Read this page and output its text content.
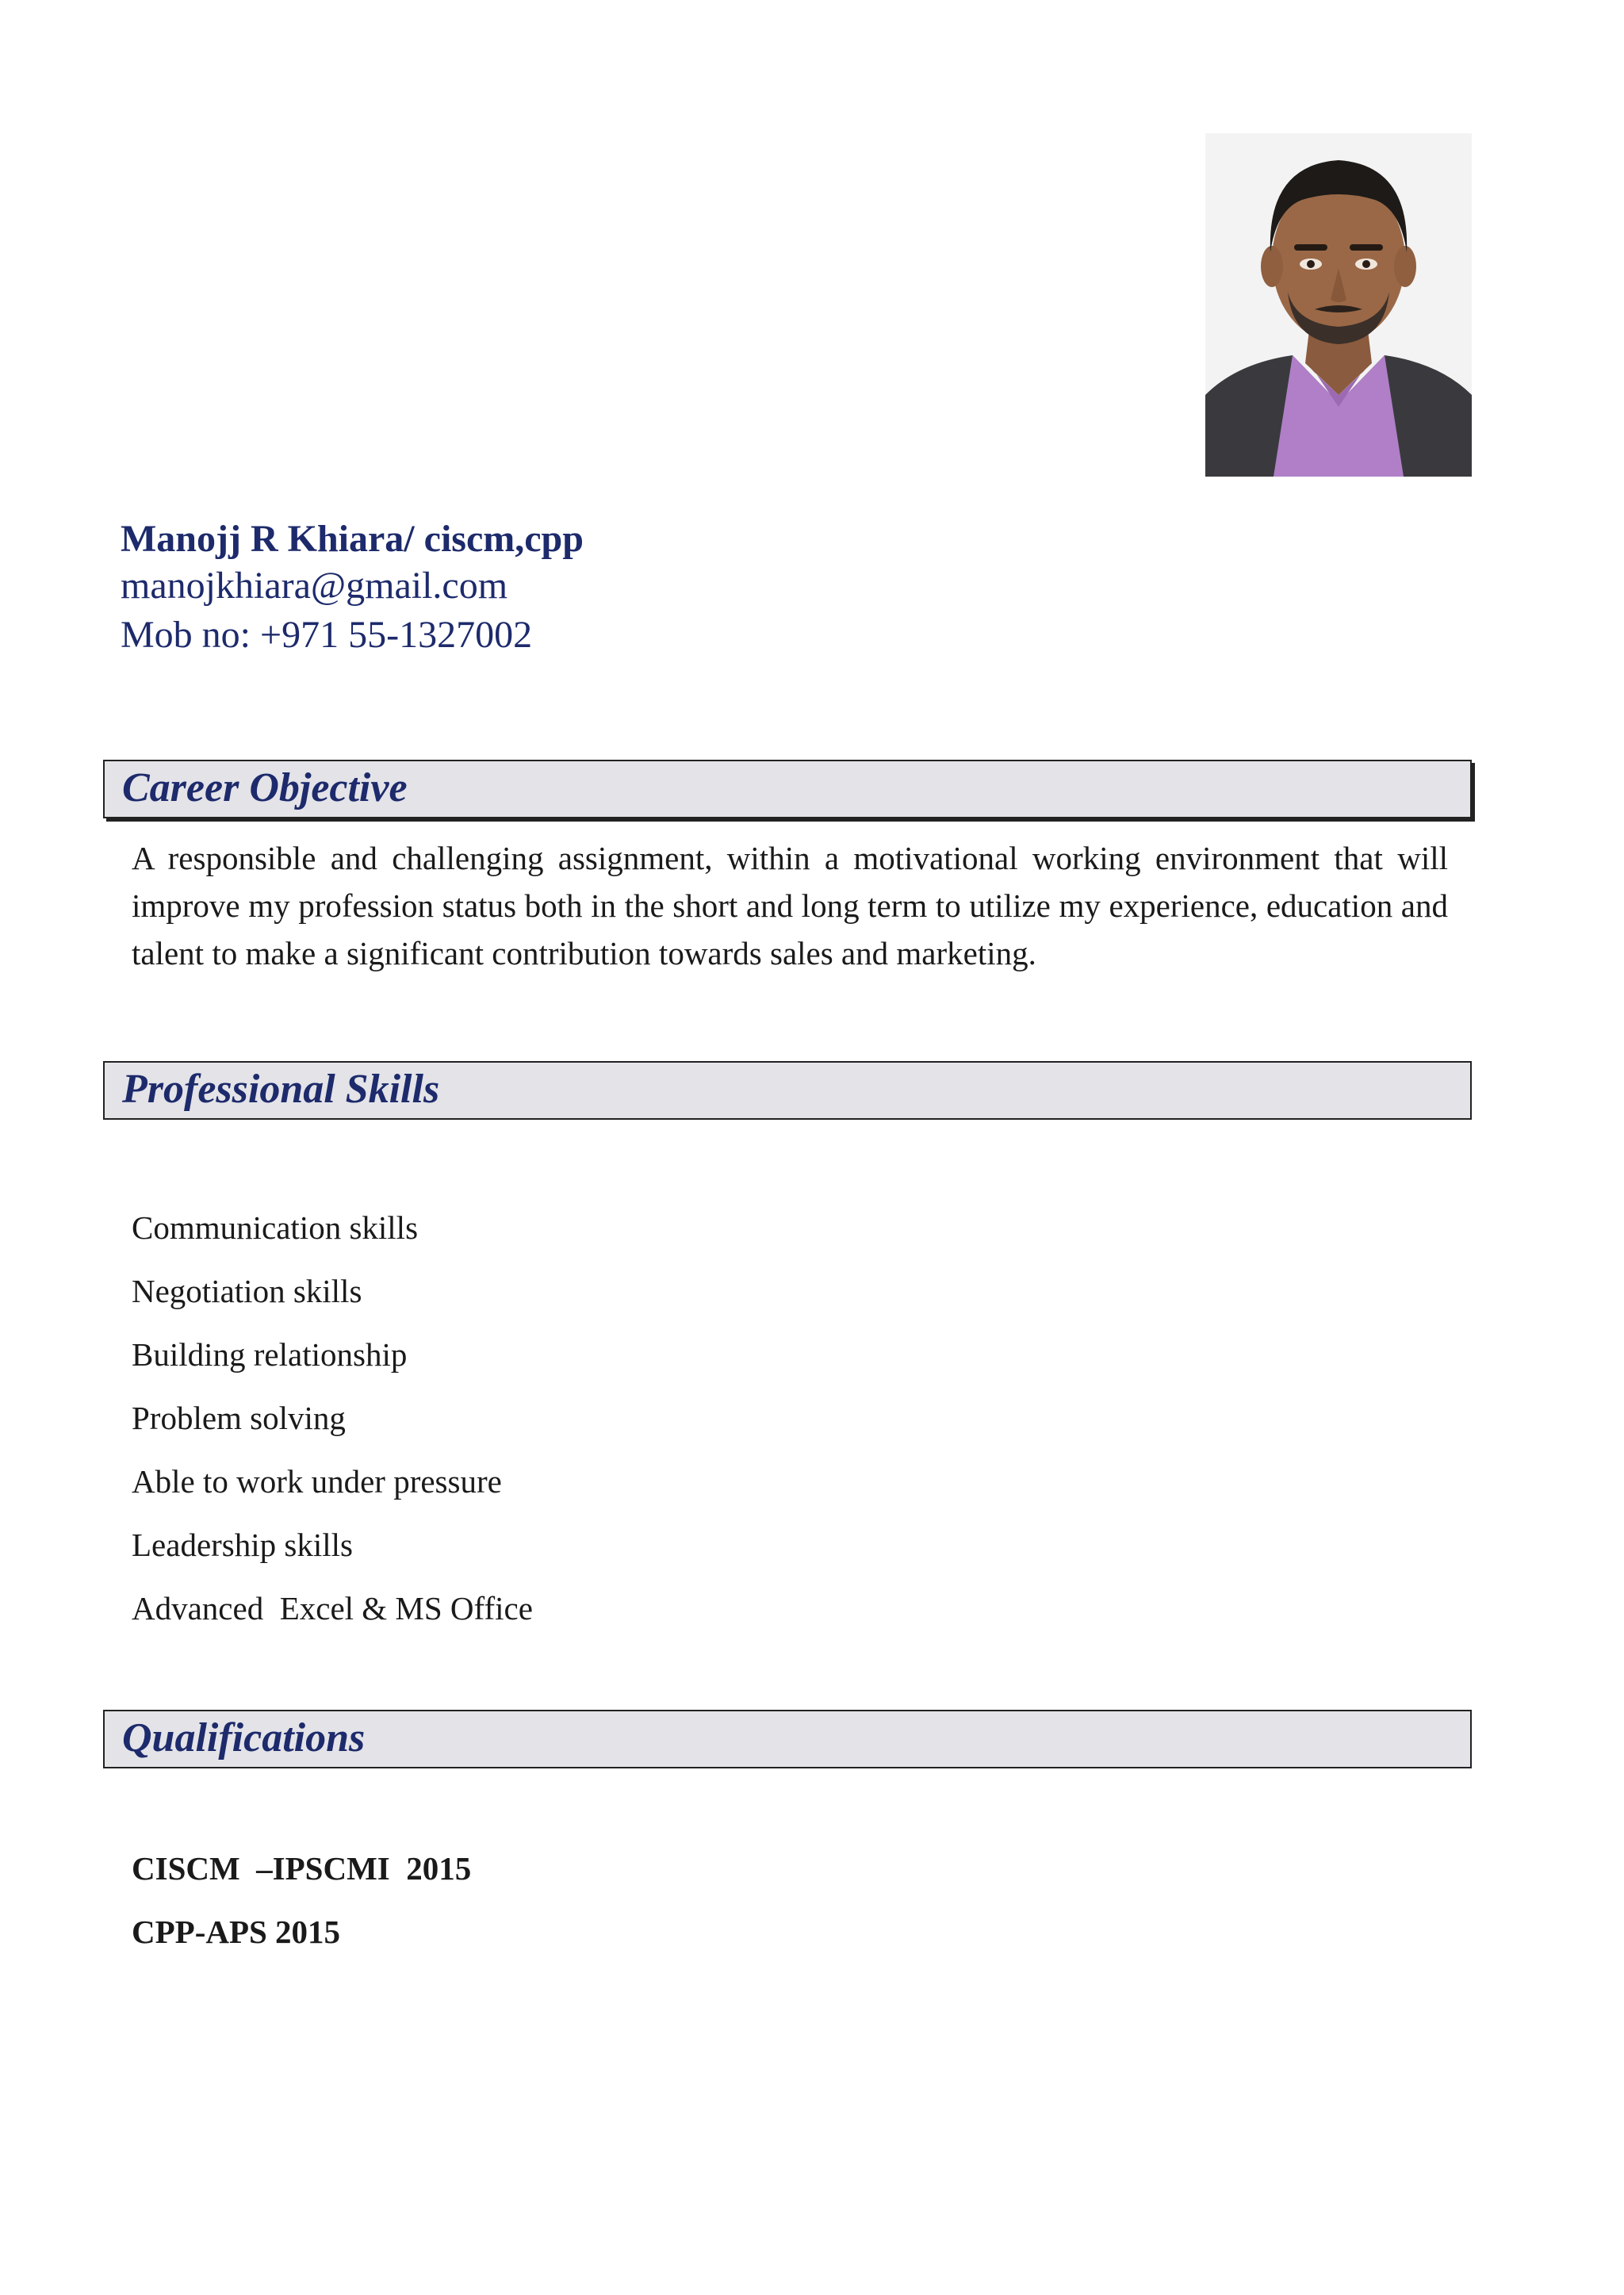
Manojj R Khiara/ ciscm,cpp
manojkhiara@gmail.com
Mob no: +971 55-1327002
Career Objective
A responsible and challenging assignment, within a motivational working environment that will improve my profession status both in the short and long term to utilize my experience, education and talent to make a significant contribution towards sales and marketing.
Professional Skills
Communication skills
Negotiation skills
Building relationship
Problem solving
Able to work under pressure
Leadership skills
Advanced  Excel & MS Office
Qualifications
CISCM  –IPSCMI  2015
CPP-APS 2015
